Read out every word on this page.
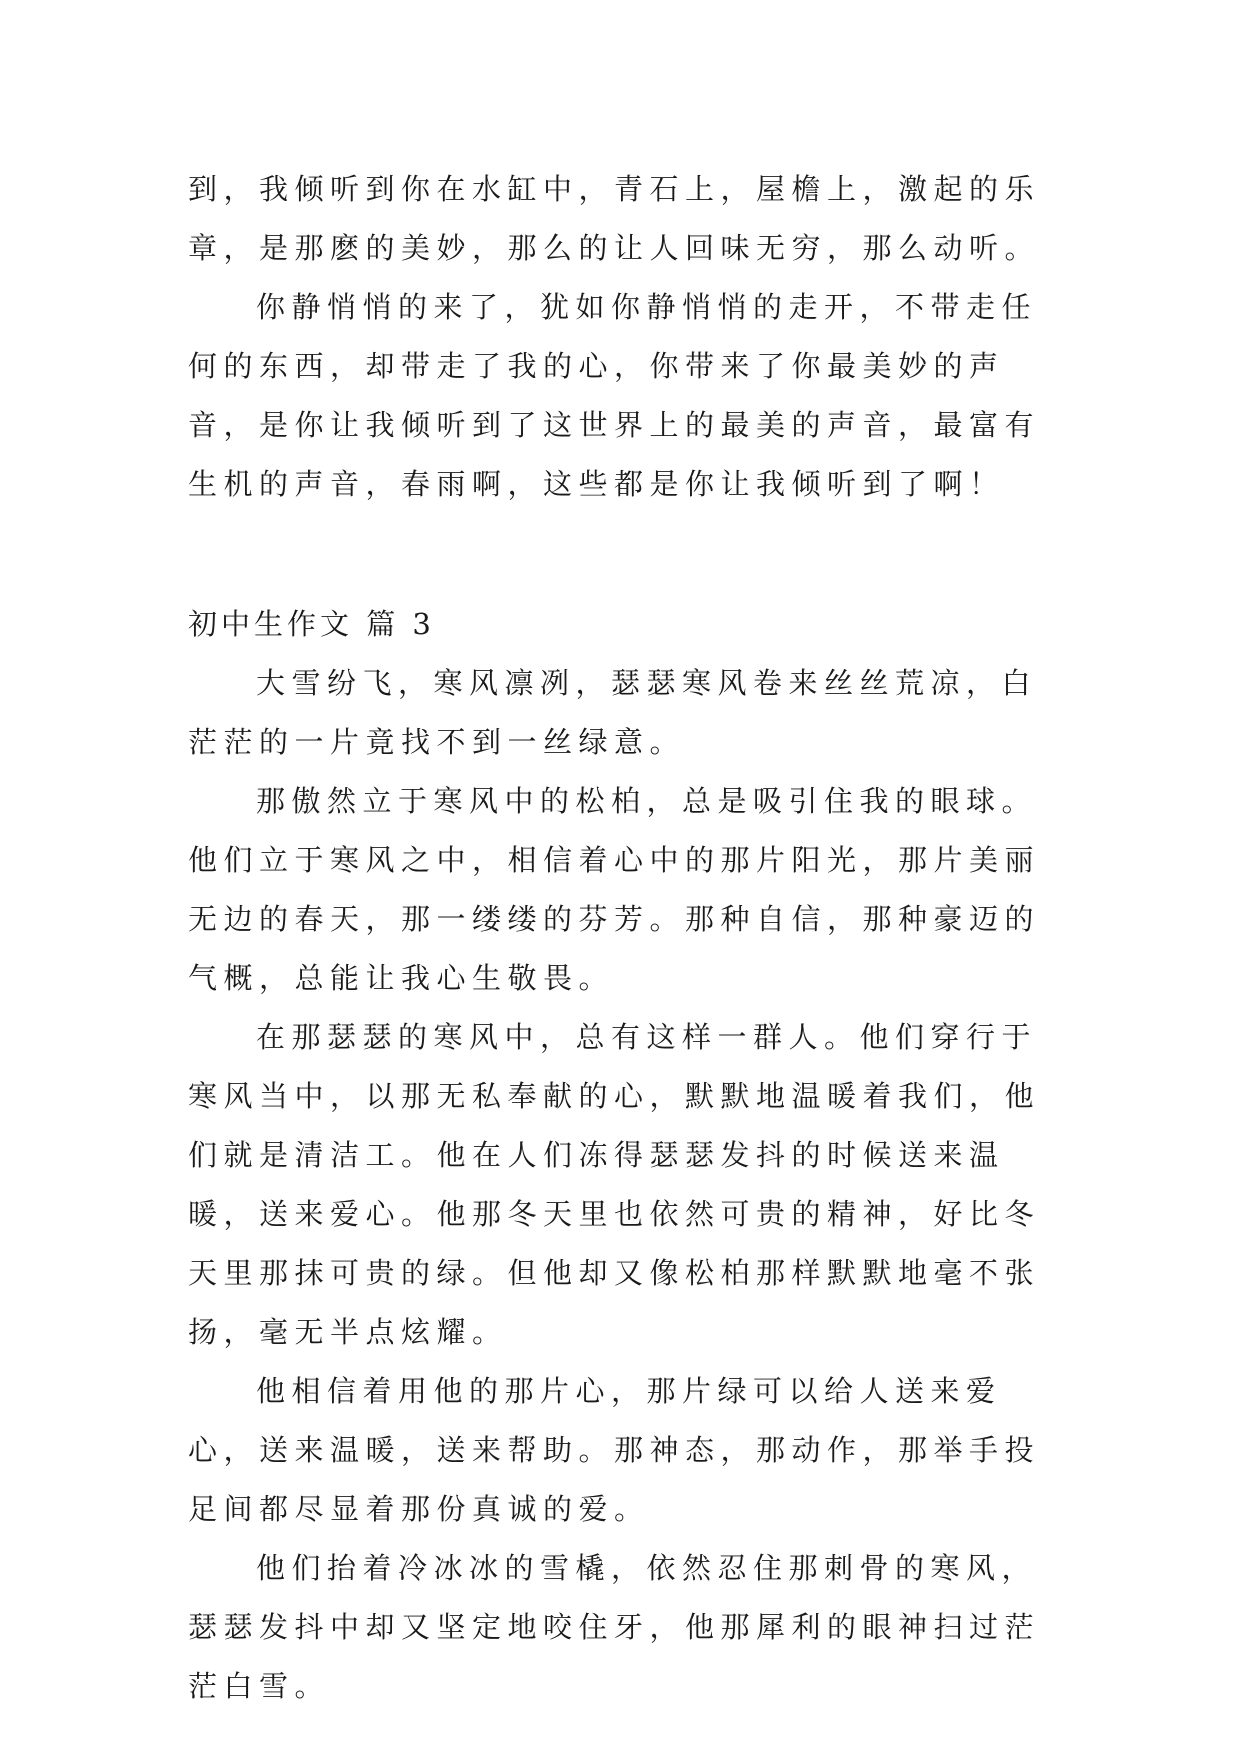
到，我倾听到你在水缸中，青石上，屋檐上，激起的乐章，是那麽的美妙，那么的让人回味无穷，那么动听。

你静悄悄的来了，犹如你静悄悄的走开，不带走任何的东西，却带走了我的心，你带来了你最美妙的声音，是你让我倾听到了这世界上的最美的声音，最富有生机的声音，春雨啊，这些都是你让我倾听到了啊！

初中生作文 篇 3

大雪纷飞，寒风凛冽，瑟瑟寒风卷来丝丝荒凉，白茫茫的一片竟找不到一丝绿意。

那傲然立于寒风中的松柏，总是吸引住我的眼球。他们立于寒风之中，相信着心中的那片阳光，那片美丽无边的春天，那一缕缕的芬芳。那种自信，那种豪迈的气概，总能让我心生敬畏。

在那瑟瑟的寒风中，总有这样一群人。他们穿行于寒风当中，以那无私奉献的心，默默地温暖着我们，他们就是清洁工。他在人们冻得瑟瑟发抖的时候送来温暖，送来爱心。他那冬天里也依然可贵的精神，好比冬天里那抹可贵的绿。但他却又像松柏那样默默地毫不张扬，毫无半点炫耀。

他相信着用他的那片心，那片绿可以给人送来爱心，送来温暖，送来帮助。那神态，那动作，那举手投足间都尽显着那份真诚的爱。

他们抬着冷冰冰的雪橇，依然忍住那刺骨的寒风，瑟瑟发抖中却又坚定地咬住牙，他那犀利的眼神扫过茫茫白雪。
